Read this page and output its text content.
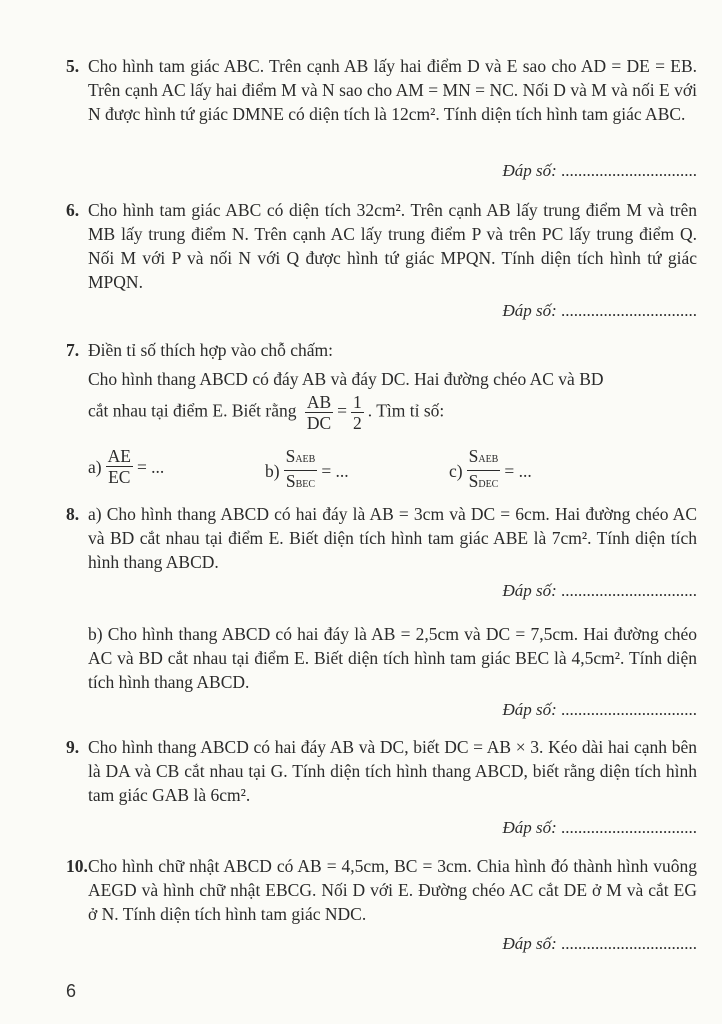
5. Cho hình tam giác ABC. Trên cạnh AB lấy hai điểm D và E sao cho AD = DE = EB. Trên cạnh AC lấy hai điểm M và N sao cho AM = MN = NC. Nối D và M và nối E với N được hình tứ giác DMNE có diện tích là 12cm². Tính diện tích hình tam giác ABC.
Đáp số: ................................
6. Cho hình tam giác ABC có diện tích 32cm². Trên cạnh AB lấy trung điểm M và trên MB lấy trung điểm N. Trên cạnh AC lấy trung điểm P và trên PC lấy trung điểm Q. Nối M với P và nối N với Q được hình tứ giác MPQN. Tính diện tích hình tứ giác MPQN.
Đáp số: ................................
7. Điền tỉ số thích hợp vào chỗ chấm:
Cho hình thang ABCD có đáy AB và đáy DC. Hai đường chéo AC và BD
cắt nhau tại điểm E. Biết rằng $\frac{AB}{DC} = \frac{1}{2}$ . Tìm tỉ số:
$a) \frac{AE}{EC}$ = ...	$b) \frac{\text{SAEB}}{\text{SBEC}}$ = ...	$c) \frac{\text{SAEB}}{\text{SDEC}}$ = ...
8. a) Cho hình thang ABCD có hai đáy là AB = 3cm và DC = 6cm. Hai đường chéo AC và BD cắt nhau tại điểm E. Biết diện tích hình tam giác ABE là 7cm². Tính diện tích hình thang ABCD.
Đáp số: ................................
b) Cho hình thang ABCD có hai đáy là AB = 2,5cm và DC = 7,5cm. Hai đường chéo AC và BD cắt nhau tại điểm E. Biết diện tích hình tam giác BEC là 4,5cm². Tính diện tích hình thang ABCD.
Đáp số: ................................
9. Cho hình thang ABCD có hai đáy AB và DC, biết DC = AB × 3. Kéo dài hai cạnh bên là DA và CB cắt nhau tại G. Tính diện tích hình thang ABCD, biết rằng diện tích hình tam giác GAB là 6cm².
Đáp số: ................................
10. Cho hình chữ nhật ABCD có AB = 4,5cm, BC = 3cm. Chia hình đó thành hình vuông AEGD và hình chữ nhật EBCG. Nối D với E. Đường chéo AC cắt DE ở M và cắt EG ở N. Tính diện tích hình tam giác NDC.
Đáp số: ................................
6
